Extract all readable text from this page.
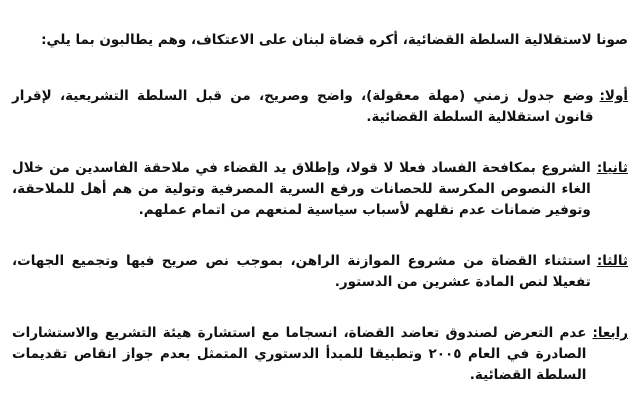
صونا لاستقلالية السلطة القضائية، أكره قضاة لبنان على الاعتكاف، وهم يطالبون بما يلي:

أولا:
وضع جدول زمني (مهلة معقولة)، واضح وصريح، من قبل السلطة التشريعية، لإقرار قانون استقلالية السلطة القضائية.
ثانيا:
الشروع بمكافحة الفساد فعلا لا قولا، وإطلاق يد القضاء في ملاحقة الفاسدين من خلال الغاء النصوص المكرسة للحصانات ورفع السرية المصرفية وتولية من هم أهل للملاحقة، وتوفير ضمانات عدم نقلهم لأسباب سياسية لمنعهم من اتمام عملهم.
ثالثا:
استثناء القضاة من مشروع الموازنة الراهن، بموجب نص صريح فيها وتجميع الجهات، تفعيلا لنص المادة عشرين من الدستور.
رابعا:
عدم التعرض لصندوق تعاضد القضاة، انسجاما مع استشارة هيئة التشريع والاستشارات الصادرة في العام ٢٠٠٥ وتطبيقا للمبدأ الدستوري المتمثل بعدم جواز انقاص تقديمات السلطة القضائية.
